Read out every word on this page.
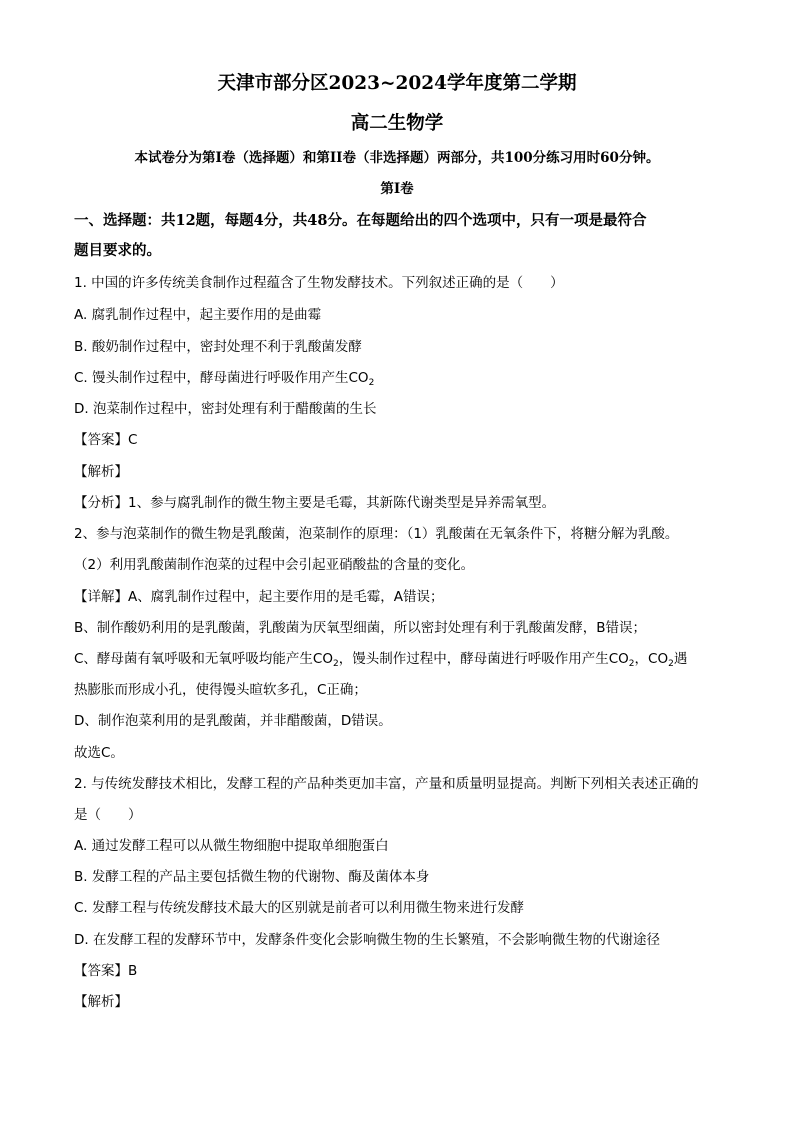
天津市部分区2023~2024学年度第二学期
高二生物学
本试卷分为第I卷（选择题）和第II卷（非选择题）两部分，共100分练习用时60分钟。
第I卷
一、选择题：共12题，每题4分，共48分。在每题给出的四个选项中，只有一项是最符合
题目要求的。
1. 中国的许多传统美食制作过程蕴含了生物发酵技术。下列叙述正确的是（　　）
A. 腐乳制作过程中，起主要作用的是曲霉
B. 酸奶制作过程中，密封处理不利于乳酸菌发酵
C. 馒头制作过程中，酵母菌进行呼吸作用产生$CO_2$
D. 泡菜制作过程中，密封处理有利于醋酸菌的生长
【答案】C
【解析】
【分析】1、参与腐乳制作的微生物主要是毛霉，其新陈代谢类型是异养需氧型。
2、参与泡菜制作的微生物是乳酸菌，泡菜制作的原理：（1）乳酸菌在无氧条件下，将糖分解为乳酸。
（2）利用乳酸菌制作泡菜的过程中会引起亚硝酸盐的含量的变化。
【详解】A、腐乳制作过程中，起主要作用的是毛霉，A错误；
B、制作酸奶利用的是乳酸菌，乳酸菌为厌氧型细菌，所以密封处理有利于乳酸菌发酵，B错误；
C、酵母菌有氧呼吸和无氧呼吸均能产生$CO_2$，馒头制作过程中，酵母菌进行呼吸作用产生$CO_2$，$CO_2$遇
热膨胀而形成小孔，使得馒头暄软多孔，C正确；
D、制作泡菜利用的是乳酸菌，并非醋酸菌，D错误。
故选C。
2. 与传统发酵技术相比，发酵工程的产品种类更加丰富，产量和质量明显提高。判断下列相关表述正确的
是（　　）
A. 通过发酵工程可以从微生物细胞中提取单细胞蛋白
B. 发酵工程的产品主要包括微生物的代谢物、酶及菌体本身
C. 发酵工程与传统发酵技术最大的区别就是前者可以利用微生物来进行发酵
D. 在发酵工程的发酵环节中，发酵条件变化会影响微生物的生长繁殖，不会影响微生物的代谢途径
【答案】B
【解析】
